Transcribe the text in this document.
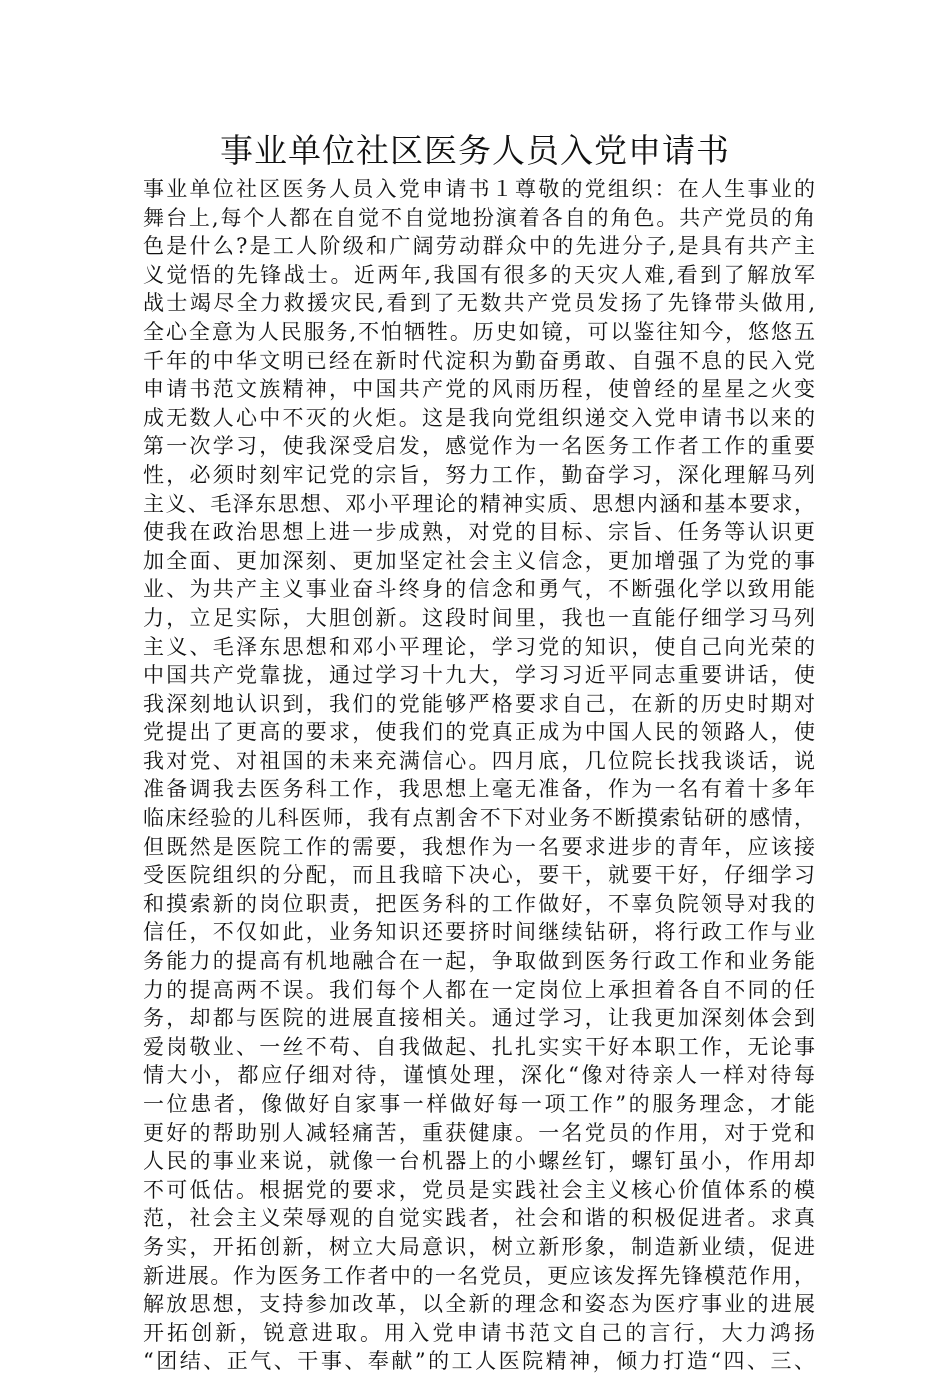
事业单位社区医务人员入党申请书
事业单位社区医务人员入党申请书１尊敬的党组织：在人生事业的
舞台上,每个人都在自觉不自觉地扮演着各自的角色。共产党员的角
色是什么?是工人阶级和广阔劳动群众中的先进分子,是具有共产主
义觉悟的先锋战士。近两年,我国有很多的天灾人难,看到了解放军
战士竭尽全力救援灾民,看到了无数共产党员发扬了先锋带头做用,
全心全意为人民服务,不怕牺牲。历史如镜，可以鉴往知今，悠悠五
千年的中华文明已经在新时代淀积为勤奋勇敢、自强不息的民入党
申请书范文族精神，中国共产党的风雨历程，使曾经的星星之火变
成无数人心中不灭的火炬。这是我向党组织递交入党申请书以来的
第一次学习，使我深受启发，感觉作为一名医务工作者工作的重要
性，必须时刻牢记党的宗旨，努力工作，勤奋学习，深化理解马列
主义、毛泽东思想、邓小平理论的精神实质、思想内涵和基本要求，
使我在政治思想上进一步成熟，对党的目标、宗旨、任务等认识更
加全面、更加深刻、更加坚定社会主义信念，更加增强了为党的事
业、为共产主义事业奋斗终身的信念和勇气，不断强化学以致用能
力，立足实际，大胆创新。这段时间里，我也一直能仔细学习马列
主义、毛泽东思想和邓小平理论，学习党的知识，使自己向光荣的
中国共产党靠拢，通过学习十九大，学习习近平同志重要讲话，使
我深刻地认识到，我们的党能够严格要求自己，在新的历史时期对
党提出了更高的要求，使我们的党真正成为中国人民的领路人，使
我对党、对祖国的未来充满信心。四月底，几位院长找我谈话，说
准备调我去医务科工作，我思想上毫无准备，作为一名有着十多年
临床经验的儿科医师，我有点割舍不下对业务不断摸索钻研的感情，
但既然是医院工作的需要，我想作为一名要求进步的青年，应该接
受医院组织的分配，而且我暗下决心，要干，就要干好，仔细学习
和摸索新的岗位职责，把医务科的工作做好，不辜负院领导对我的
信任，不仅如此，业务知识还要挤时间继续钻研，将行政工作与业
务能力的提高有机地融合在一起，争取做到医务行政工作和业务能
力的提高两不误。我们每个人都在一定岗位上承担着各自不同的任
务，却都与医院的进展直接相关。通过学习，让我更加深刻体会到
爱岗敬业、一丝不苟、自我做起、扎扎实实干好本职工作，无论事
情大小，都应仔细对待，谨慎处理，深化“像对待亲人一样对待每
一位患者，像做好自家事一样做好每一项工作”的服务理念，才能
更好的帮助别人减轻痛苦，重获健康。一名党员的作用，对于党和
人民的事业来说，就像一台机器上的小螺丝钉，螺钉虽小，作用却
不可低估。根据党的要求，党员是实践社会主义核心价值体系的模
范，社会主义荣辱观的自觉实践者，社会和谐的积极促进者。求真
务实，开拓创新，树立大局意识，树立新形象，制造新业绩，促进
新进展。作为医务工作者中的一名党员，更应该发挥先锋模范作用，
解放思想，支持参加改革，以全新的理念和姿态为医疗事业的进展
开拓创新，锐意进取。用入党申请书范文自己的言行，大力鸿扬
“团结、正气、干事、奉献”的工人医院精神，倾力打造“四、三、
